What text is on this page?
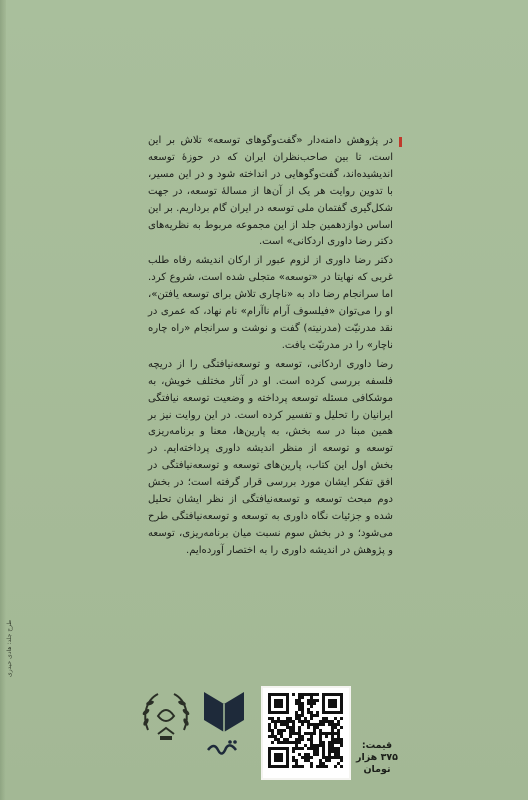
در پژوهش دامنه‌دار «گفت‌وگوهای توسعه» تلاش بر این است، تا بین صاحب‌نظران ایران که در حوزهٔ توسعه اندیشیده‌اند، گفت‌وگوهایی در انداخته شود و در این مسیر، با تدوین روایت هر یک از آن‌ها از مسالهٔ توسعه، در جهت شکل‌گیری گفتمان ملی توسعه در ایران گام برداریم. بر این اساس دوازدهمین جلد از این مجموعه مربوط به نظریه‌های دکتر رضا داوری اردکانی» است.

دکتر رضا داوری از لزوم عبور از ارکان اندیشه رفاه طلب غربی که نهایتا در «توسعه» متجلی شده است، شروع کرد. اما سرانجام رضا داد به «ناچاری تلاش برای توسعه یافتن»، او را می‌توان «فیلسوف آرام ناآرام» نام نهاد، که عمری در نقد مدرنیّت (مدرنیته) گفت و نوشت و سرانجام «راه چاره ناچار» را در مدرنیّت یافت.

رضا داوری اردکانی، توسعه و توسعه‌نیافتگی را از دریچه فلسفه بررسی کرده است. او در آثار مختلف خویش، به موشکافی مسئله توسعه پرداخته و وضعیت توسعه نیافتگی ایرانیان را تحلیل و تفسیر کرده است. در این روایت نیز بر همین مبنا در سه بخش، به پارین‌ها، معنا و برنامه‌ریزی توسعه و توسعه از منظر اندیشه داوری پرداخته‌ایم. در بخش اول این کتاب، پارین‌های توسعه و توسعه‌نیافتگی در افق تفکر ایشان مورد بررسی قرار گرفته است؛ در بخش دوم مبحث توسعه و توسعه‌نیافتگی از نظر ایشان تحلیل شده و جزئیات نگاه داوری به توسعه و توسعه‌نیافتگی طرح می‌شود؛ و در بخش سوم نسبت میان برنامه‌ریزی، توسعه و پژوهش در اندیشه داوری را به اختصار آورده‌ایم.

طرح جلد: هادی حیدری
قیمت:
۳۷۵ هزار
تومان
